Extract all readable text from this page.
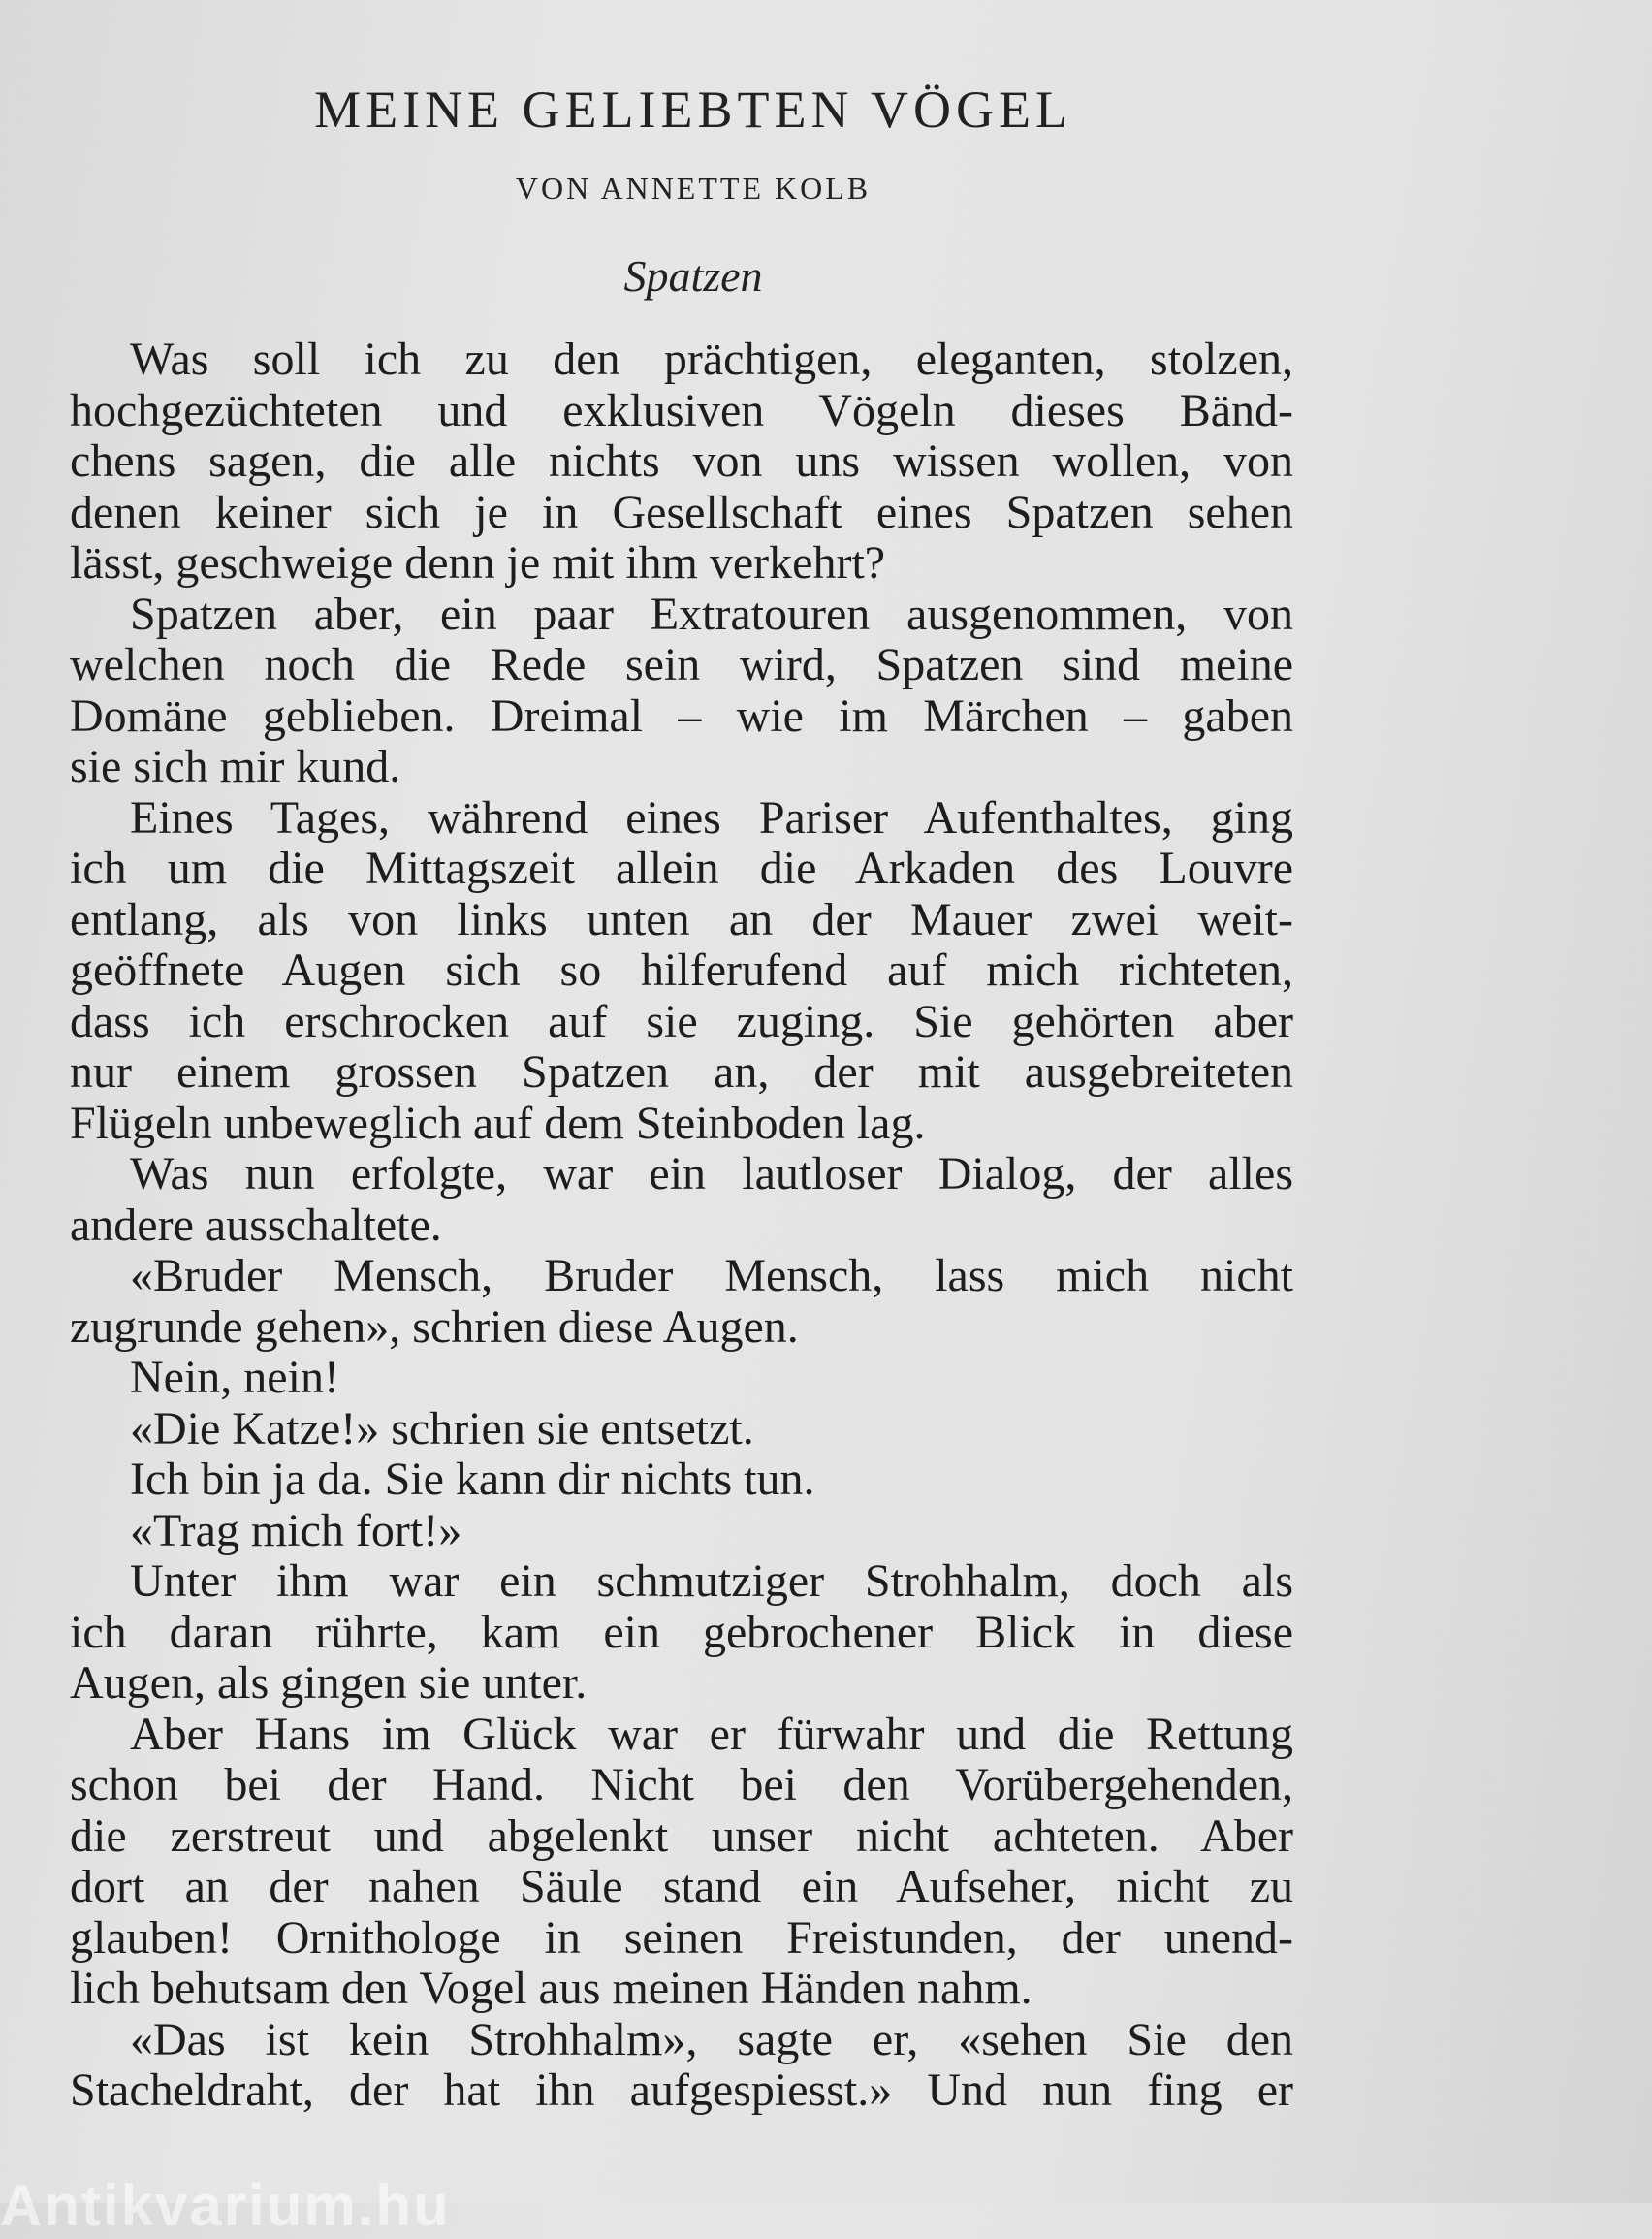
MEINE GELIEBTEN VÖGEL
VON ANNETTE KOLB
Spatzen
Was soll ich zu den prächtigen, eleganten, stolzen,
hochgezüchteten und exklusiven Vögeln dieses Bänd-
chens sagen, die alle nichts von uns wissen wollen, von
denen keiner sich je in Gesellschaft eines Spatzen sehen
lässt, geschweige denn je mit ihm verkehrt?
Spatzen aber, ein paar Extratouren ausgenommen, von
welchen noch die Rede sein wird, Spatzen sind meine
Domäne geblieben. Dreimal – wie im Märchen – gaben
sie sich mir kund.
Eines Tages, während eines Pariser Aufenthaltes, ging
ich um die Mittagszeit allein die Arkaden des Louvre
entlang, als von links unten an der Mauer zwei weit-
geöffnete Augen sich so hilferufend auf mich richteten,
dass ich erschrocken auf sie zuging. Sie gehörten aber
nur einem grossen Spatzen an, der mit ausgebreiteten
Flügeln unbeweglich auf dem Steinboden lag.
Was nun erfolgte, war ein lautloser Dialog, der alles
andere ausschaltete.
«Bruder Mensch, Bruder Mensch, lass mich nicht
zugrunde gehen», schrien diese Augen.
Nein, nein!
«Die Katze!» schrien sie entsetzt.
Ich bin ja da. Sie kann dir nichts tun.
«Trag mich fort!»
Unter ihm war ein schmutziger Strohhalm, doch als
ich daran rührte, kam ein gebrochener Blick in diese
Augen, als gingen sie unter.
Aber Hans im Glück war er fürwahr und die Rettung
schon bei der Hand. Nicht bei den Vorübergehenden,
die zerstreut und abgelenkt unser nicht achteten. Aber
dort an der nahen Säule stand ein Aufseher, nicht zu
glauben! Ornithologe in seinen Freistunden, der unend-
lich behutsam den Vogel aus meinen Händen nahm.
«Das ist kein Strohhalm», sagte er, «sehen Sie den
Stacheldraht, der hat ihn aufgespiesst.» Und nun fing er
Antikvarium.hu
